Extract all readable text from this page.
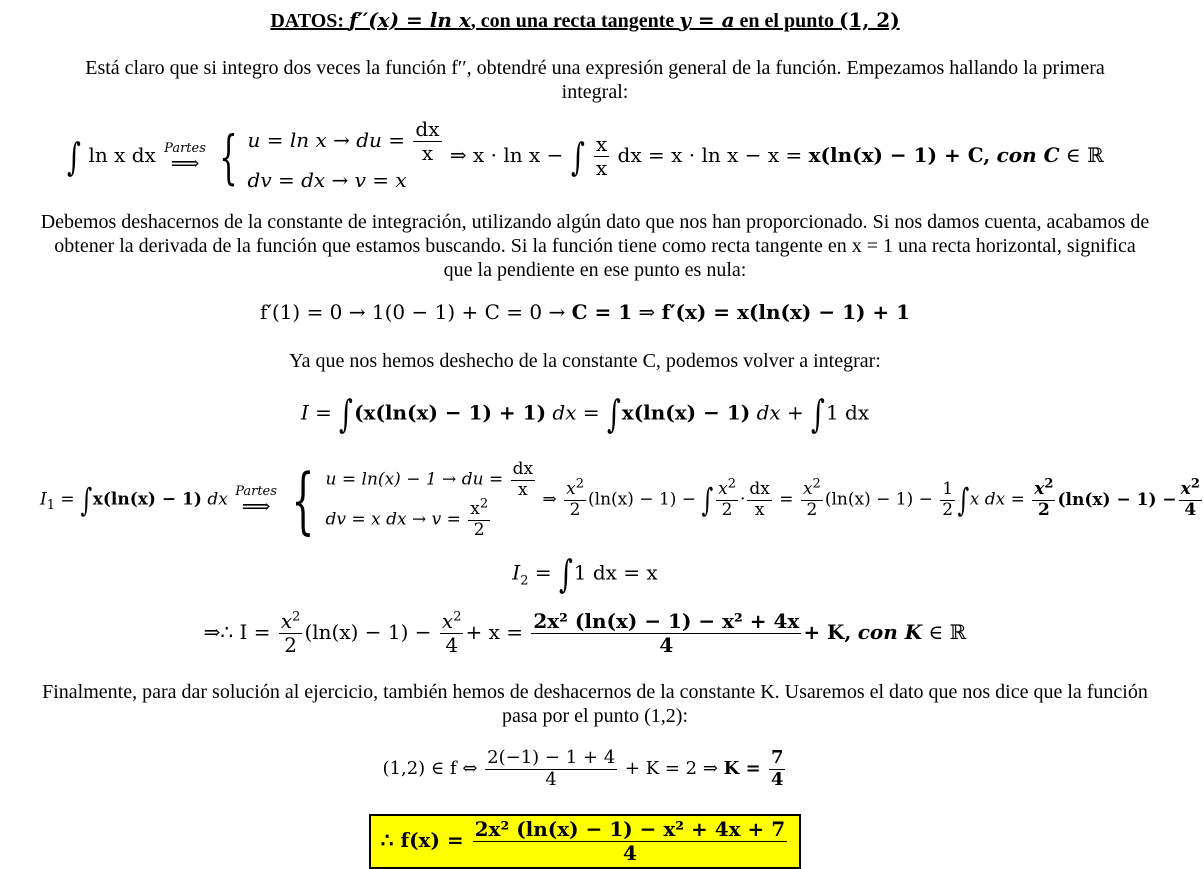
DATOS: f′′(x) = ln x, con una recta tangente y = a en el punto (1, 2)
Está claro que si integro dos veces la función f′′, obtendré una expresión general de la función. Empezamos hallando la primera integral:
∫ ln x dx Partes
⟹ { u = ln x → du = $\frac{dx}{x}$
dv = dx → v = x
⇒ x · ln x − ∫ $\frac{x}{x}$ dx = x · ln x − x = x(ln(x) − 1) + C, con C ∈ ℝ
Debemos deshacernos de la constante de integración, utilizando algún dato que nos han proporcionado. Si nos damos cuenta, acabamos de obtener la derivada de la función que estamos buscando. Si la función tiene como recta tangente en x = 1 una recta horizontal, significa que la pendiente en ese punto es nula:
f′(1) = 0 → 1(0 − 1) + C = 0 → C = 1 ⇒ f′(x) = x(ln(x) − 1) + 1
Ya que nos hemos deshecho de la constante C, podemos volver a integrar:
I = ∫(x(ln(x) − 1) + 1) dx = ∫x(ln(x) − 1) dx + ∫1 dx
$I_1 = \int x(\ln(x) - 1)$ dx Partes
⟹ { u = ln(x) − 1 → du = $\frac{dx}{x}$
dv = x dx → $v = \frac{x^2}{2}$
⇒ $\frac{x^2}{2} (\ln(x) - 1)$ − ∫ $\frac{x^2}{2} \cdot \frac{dx}{x} = \frac{x^2}{2} (\ln(x) - 1) - \frac{1}{2} \int x$ dx = $\frac{x^2}{2} (\ln(x) - 1) - \frac{x^2}{4}$
$I_2 = \int 1$ dx = x
⇒∴ $I = \frac{x^2}{2} (\ln(x) - 1) - \frac{x^2}{4} + x = \frac{\text{2x² (ln(x) − 1) − x² + 4x}}{4} + K$, con K ∈ ℝ
Finalmente, para dar solución al ejercicio, también hemos de deshacernos de la constante K. Usaremos el dato que nos dice que la función pasa por el punto (1,2):
(1,2) ∈ f ⇔ $\frac{2(-1) - 1 + 4}{4} + K = 2$ ⇒ $K = \frac{7}{4}$
∴ $f(x) = \frac{\text{2x² (ln(x) − 1) − x² + 4x + 7}}{4}$
